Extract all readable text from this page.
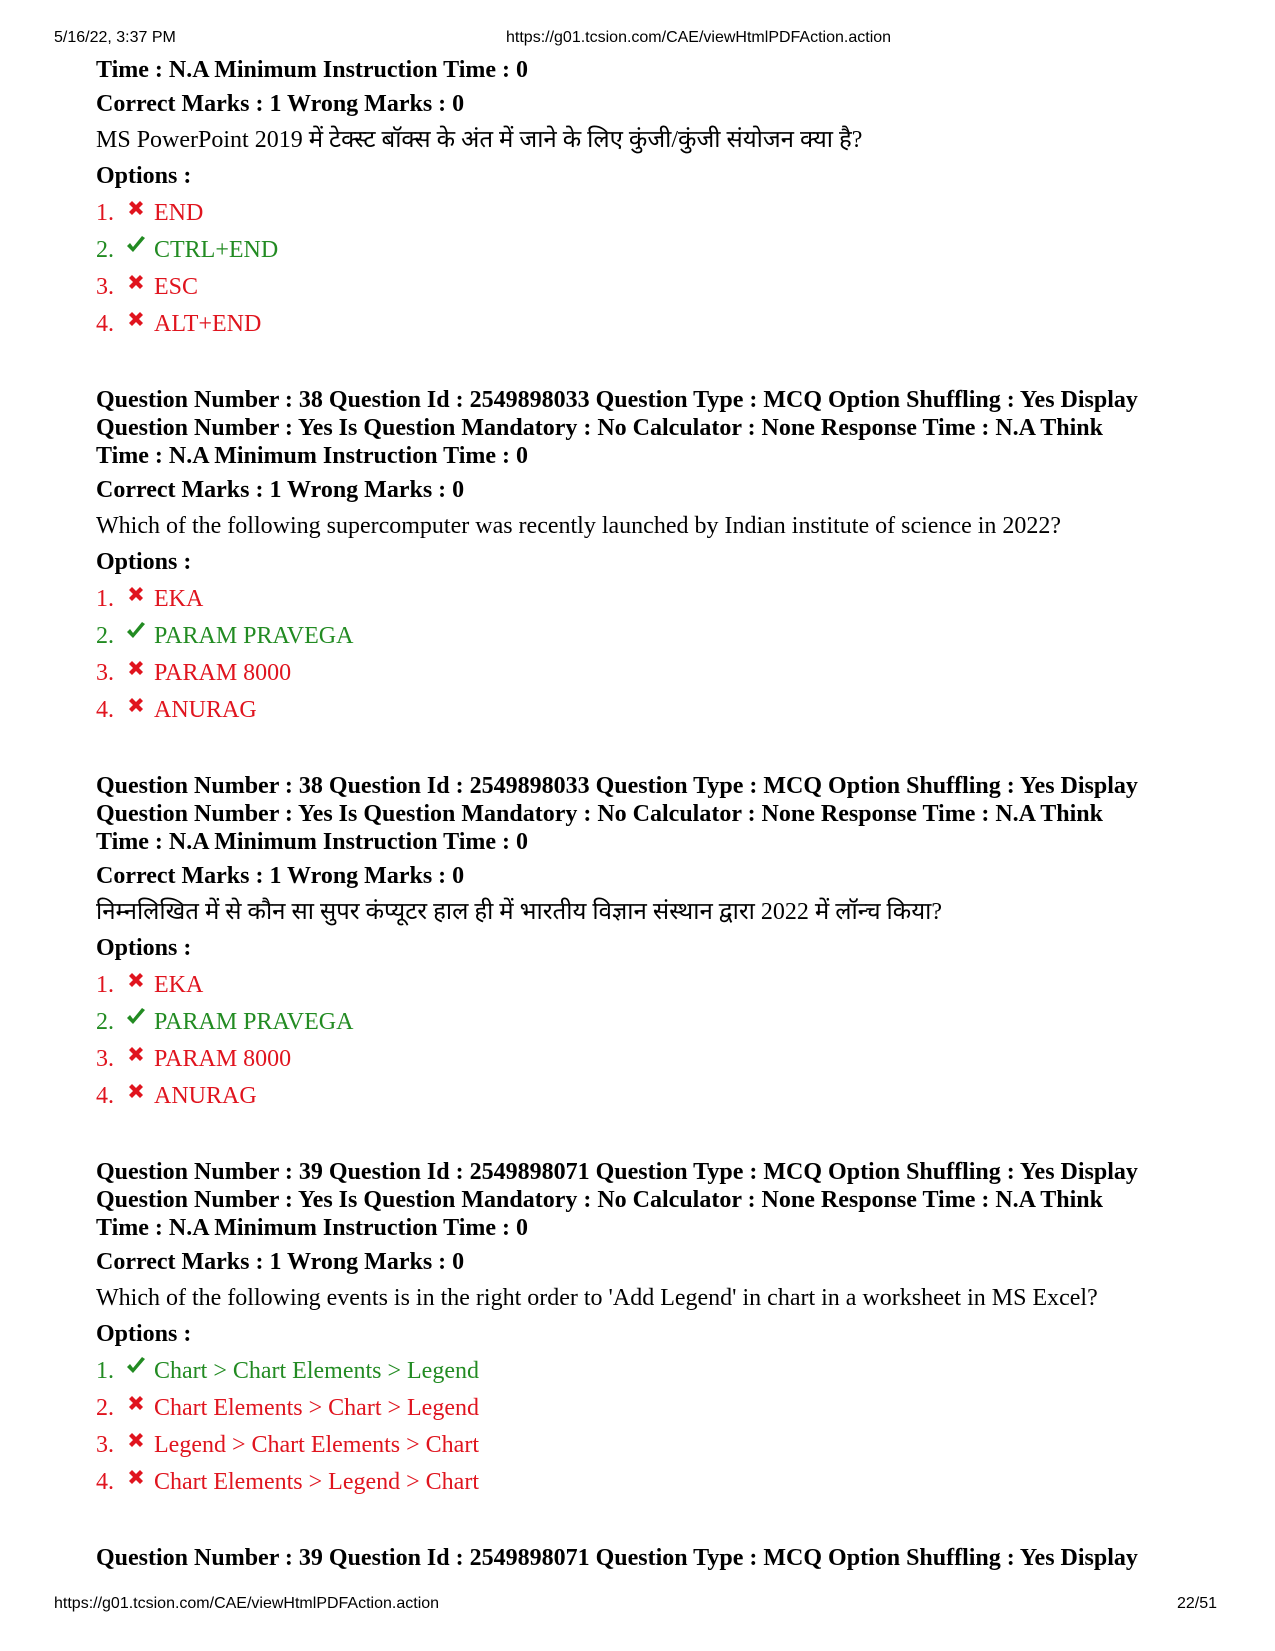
5/16/22, 3:37 PM	https://g01.tcsion.com/CAE/viewHtmlPDFAction.action

Time : N.A Minimum Instruction Time : 0

Correct Marks : 1 Wrong Marks : 0

MS PowerPoint 2019 में टेक्स्ट बॉक्स के अंत में जाने के लिए कुंजी/कुंजी संयोजन क्या है?

Options :

1.	END
2.	CTRL+END
3.	ESC
4.	ALT+END

Question Number : 38 Question Id : 2549898033 Question Type : MCQ Option Shuffling : Yes Display
Question Number : Yes Is Question Mandatory : No Calculator : None Response Time : N.A Think
Time : N.A Minimum Instruction Time : 0

Correct Marks : 1 Wrong Marks : 0

Which of the following supercomputer was recently launched by Indian institute of science in 2022?

Options :

1.	EKA
2.	PARAM PRAVEGA
3.	PARAM 8000
4.	ANURAG

Question Number : 38 Question Id : 2549898033 Question Type : MCQ Option Shuffling : Yes Display
Question Number : Yes Is Question Mandatory : No Calculator : None Response Time : N.A Think
Time : N.A Minimum Instruction Time : 0

Correct Marks : 1 Wrong Marks : 0

निम्नलिखित में से कौन सा सुपर कंप्यूटर हाल ही में भारतीय विज्ञान संस्थान द्वारा 2022 में लॉन्च किया?

Options :

1.	EKA
2.	PARAM PRAVEGA
3.	PARAM 8000
4.	ANURAG

Question Number : 39 Question Id : 2549898071 Question Type : MCQ Option Shuffling : Yes Display
Question Number : Yes Is Question Mandatory : No Calculator : None Response Time : N.A Think
Time : N.A Minimum Instruction Time : 0

Correct Marks : 1 Wrong Marks : 0

Which of the following events is in the right order to 'Add Legend' in chart in a worksheet in MS Excel?

Options :

1.	Chart > Chart Elements > Legend
2.	Chart Elements > Chart > Legend
3.	Legend > Chart Elements > Chart
4.	Chart Elements > Legend > Chart

Question Number : 39 Question Id : 2549898071 Question Type : MCQ Option Shuffling : Yes Display

https://g01.tcsion.com/CAE/viewHtmlPDFAction.action	22/51
